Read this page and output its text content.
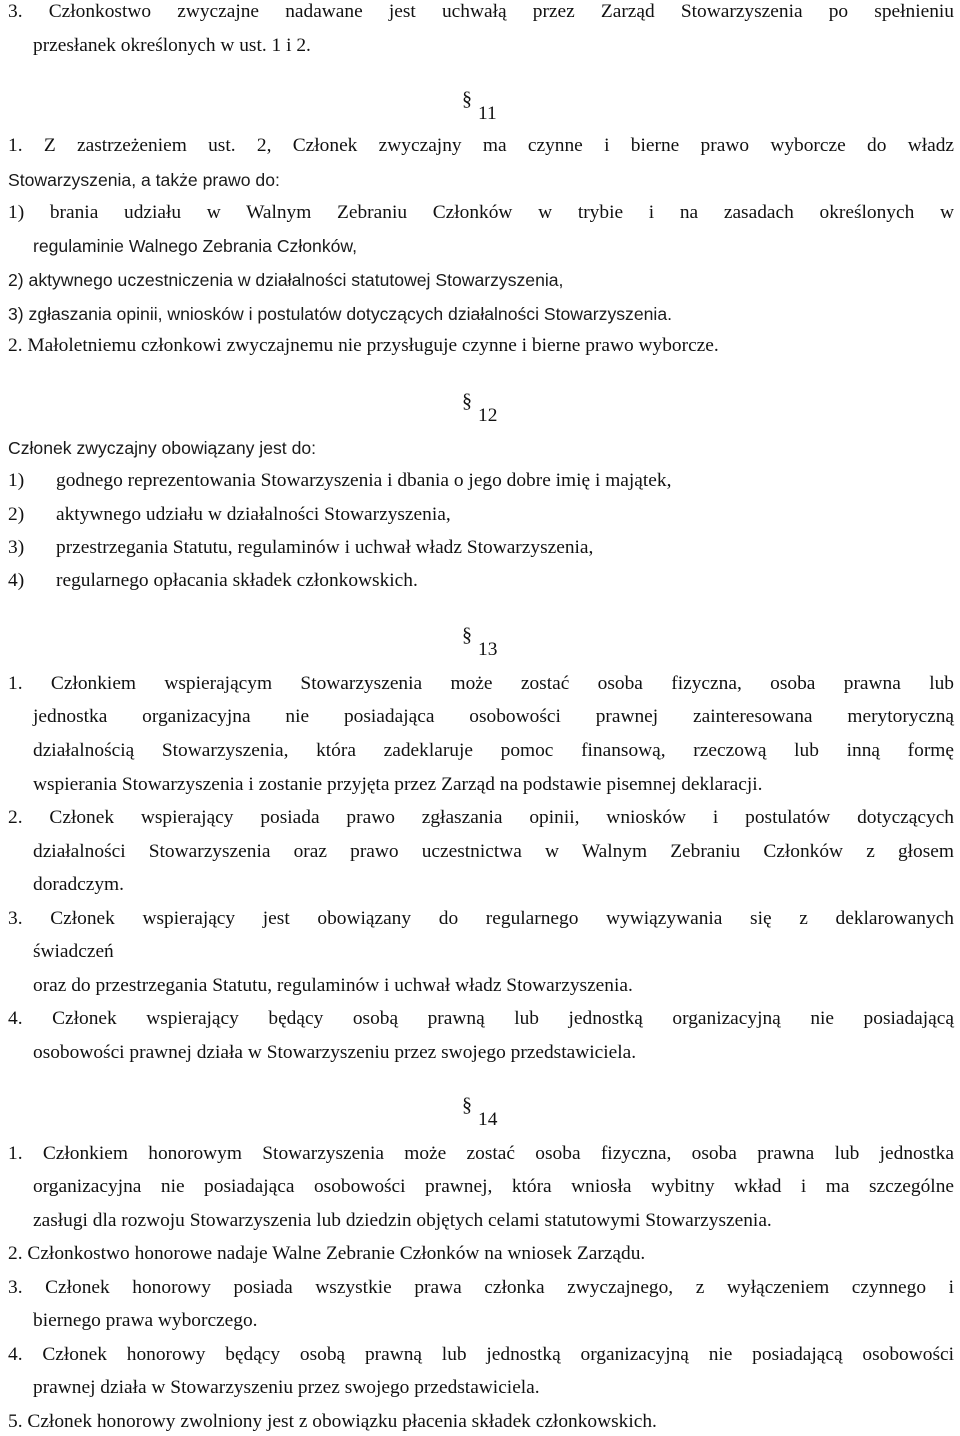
3. Członkostwo zwyczajne nadawane jest uchwałą przez Zarząd Stowarzyszenia po spełnieniu
przesłanek określonych w ust. 1 i 2.
§
11
1. Z zastrzeżeniem ust. 2, Członek zwyczajny ma czynne i bierne prawo wyborcze do władz
Stowarzyszenia, a także prawo do:
1) brania udziału w Walnym Zebraniu Członków w trybie i na zasadach określonych w
regulaminie Walnego Zebrania Członków,
2) aktywnego uczestniczenia w działalności statutowej Stowarzyszenia,
3) zgłaszania opinii, wniosków i postulatów dotyczących działalności Stowarzyszenia.
2. Małoletniemu członkowi zwyczajnemu nie przysługuje czynne i bierne prawo wyborcze.
§
12
Członek zwyczajny obowiązany jest do:
1) godnego reprezentowania Stowarzyszenia i dbania o jego dobre imię i majątek,
2) aktywnego udziału w działalności Stowarzyszenia,
3) przestrzegania Statutu, regulaminów i uchwał władz Stowarzyszenia,
4) regularnego opłacania składek członkowskich.
§
13
1. Członkiem wspierającym Stowarzyszenia może zostać osoba fizyczna, osoba prawna lub
jednostka organizacyjna nie posiadająca osobowości prawnej zainteresowana merytoryczną
działalnością Stowarzyszenia, która zadeklaruje pomoc finansową, rzeczową lub inną formę
wspierania Stowarzyszenia i zostanie przyjęta przez Zarząd na podstawie pisemnej deklaracji.
2. Członek wspierający posiada prawo zgłaszania opinii, wniosków i postulatów dotyczących
działalności Stowarzyszenia oraz prawo uczestnictwa w Walnym Zebraniu Członków z głosem
doradczym.
3. Członek wspierający jest obowiązany do regularnego wywiązywania się z deklarowanych
świadczeń
oraz do przestrzegania Statutu, regulaminów i uchwał władz Stowarzyszenia.
4. Członek wspierający będący osobą prawną lub jednostką organizacyjną nie posiadającą
osobowości prawnej działa w Stowarzyszeniu przez swojego przedstawiciela.
§
14
1. Członkiem honorowym Stowarzyszenia może zostać osoba fizyczna, osoba prawna lub jednostka
organizacyjna nie posiadająca osobowości prawnej, która wniosła wybitny wkład i ma szczególne
zasługi dla rozwoju Stowarzyszenia lub dziedzin objętych celami statutowymi Stowarzyszenia.
2. Członkostwo honorowe nadaje Walne Zebranie Członków na wniosek Zarządu.
3. Członek honorowy posiada wszystkie prawa członka zwyczajnego, z wyłączeniem czynnego i
biernego prawa wyborczego.
4. Członek honorowy będący osobą prawną lub jednostką organizacyjną nie posiadającą osobowości
prawnej działa w Stowarzyszeniu przez swojego przedstawiciela.
5. Członek honorowy zwolniony jest z obowiązku płacenia składek członkowskich.
